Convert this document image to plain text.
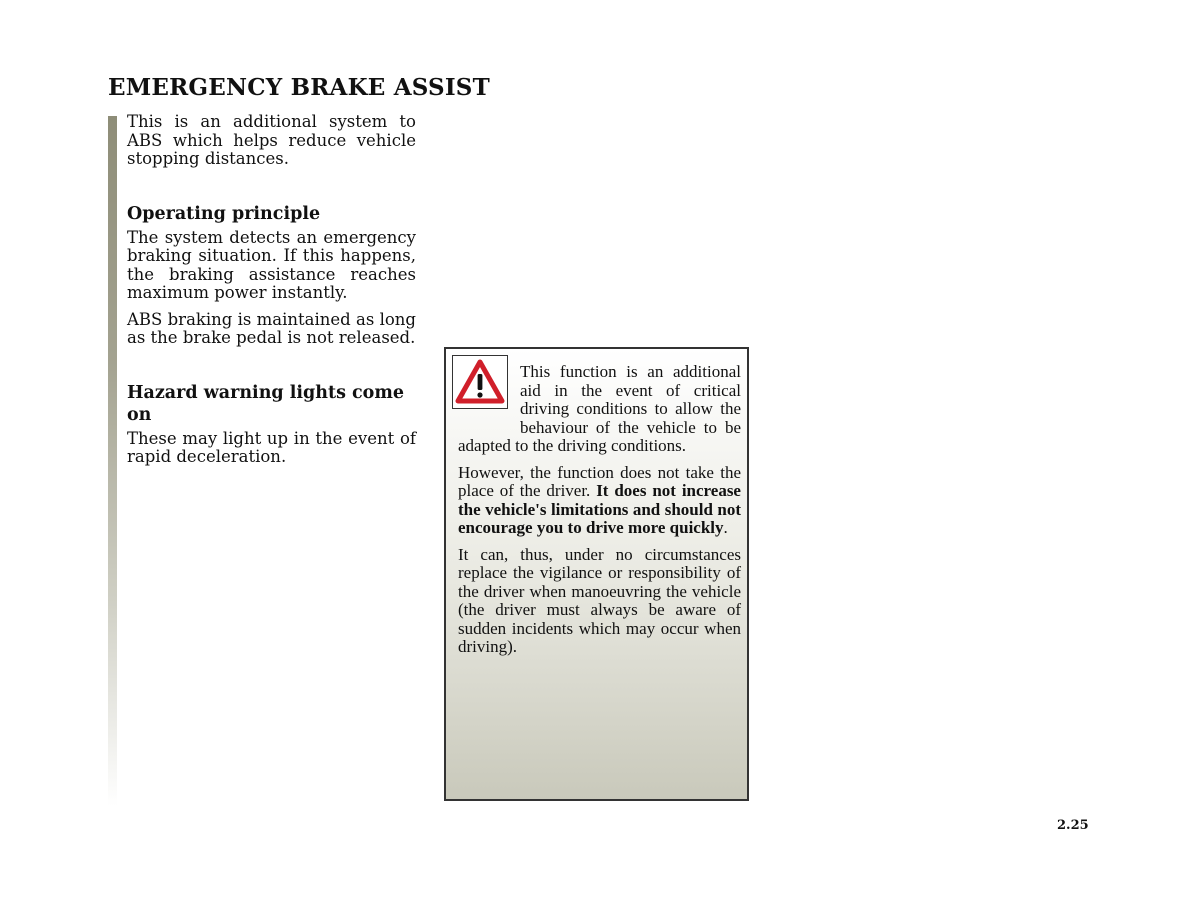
EMERGENCY BRAKE ASSIST

This is an additional system to ABS which helps reduce vehicle stopping distances.

Operating principle

The system detects an emergency braking situation. If this happens, the braking assistance reaches maximum power instantly.

ABS braking is maintained as long as the brake pedal is not released.

Hazard warning lights come on

These may light up in the event of rapid deceleration.

This function is an additional aid in the event of critical driving conditions to allow the behaviour of the vehicle to be adapted to the driving conditions.

However, the function does not take the place of the driver. It does not increase the vehicle's limitations and should not encourage you to drive more quickly.

It can, thus, under no circumstances replace the vigilance or responsibility of the driver when manoeuvring the vehicle (the driver must always be aware of sudden incidents which may occur when driving).

2.25
